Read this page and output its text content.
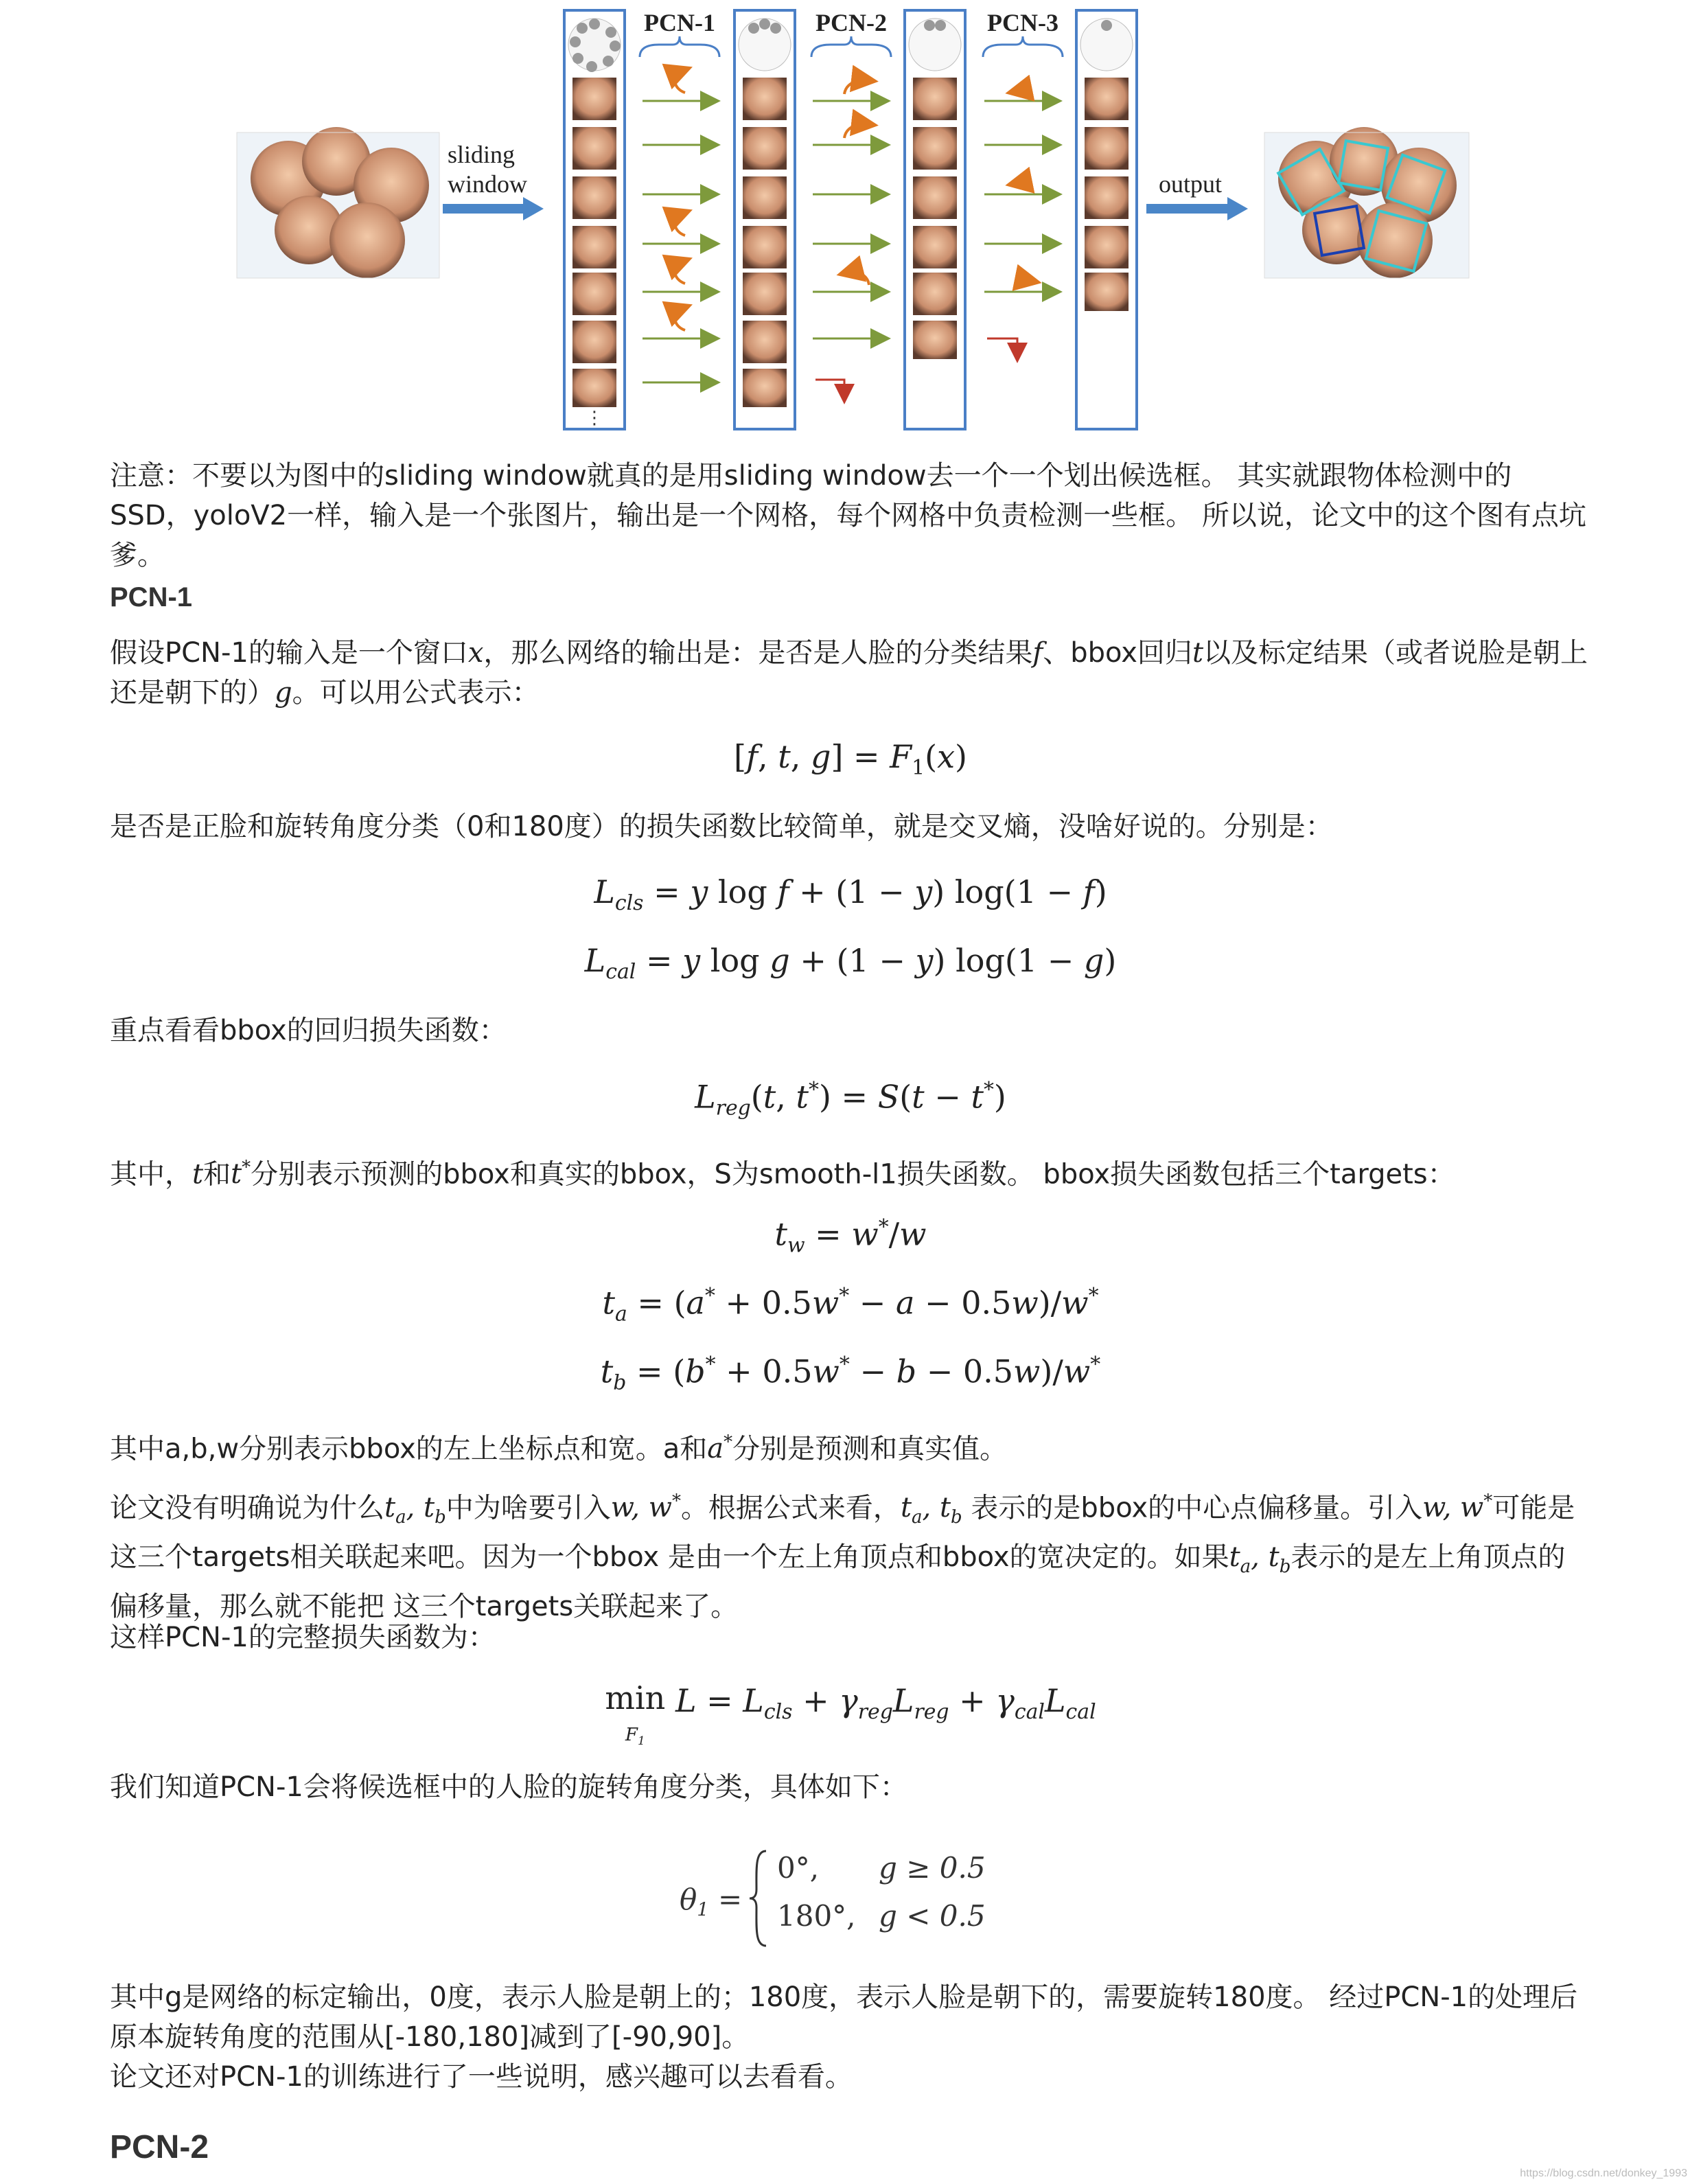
sliding
window
PCN-1	PCN-2	PCN-3
⋮
output

注意：不要以为图中的sliding window就真的是用sliding window去一个一个划出候选框。 其实就跟物体检测中的SSD，yoloV2一样，输入是一个张图片，输出是一个网格，每个网格中负责检测一些框。 所以说，论文中的这个图有点坑爹。

PCN-1

假设PCN-1的输入是一个窗口x，那么网络的输出是：是否是人脸的分类结果f、bbox回归t以及标定结果（或者说脸是朝上还是朝下的）g。可以用公式表示：

[f, t, $g] = F_1(x)$

是否是正脸和旋转角度分类（0和180度）的损失函数比较简单，就是交叉熵，没啥好说的。分别是：

$L_{cls} = y$ log f + (1 − y) log(1 − f)
$L_{cal} = y$ log g + (1 − y) log(1 − g)

重点看看bbox的回归损失函数：

$L_{reg}(t$, t*) = S(t − t*)

其中，t和t*分别表示预测的bbox和真实的bbox，S为smooth-l1损失函数。 bbox损失函数包括三个targets：

$t_w = w^*/w$
$t_a = (a^* + 0.5w^* - a - 0.5w)/w^*$
$t_b = (b^* + 0.5w^* - b - 0.5w)/w^*$

其中a,b,w分别表示bbox的左上坐标点和宽。a和a*分别是预测和真实值。

论文没有明确说为什么$t_a$, $t_b$中为啥要引入w, w*。根据公式来看，$t_a$, $t_b$ 表示的是bbox的中心点偏移量。引入w, w*可能是这三个targets相关联起来吧。因为一个bbox 是由一个左上角顶点和bbox的宽决定的。如果$t_a$, $t_b$表示的是左上角顶点的偏移量，那么就不能把 这三个targets关联起来了。

这样PCN-1的完整损失函数为：

min
$F_1$ $L = L_{cls} + \gamma_{reg}L_{reg} + \gamma_{cal}L_{cal}$

我们知道PCN-1会将候选框中的人脸的旋转角度分类，具体如下：

$\theta_1$ =
0°, g ≥ 0.5
180°, g < 0.5

其中g是网络的标定输出，0度，表示人脸是朝上的；180度，表示人脸是朝下的，需要旋转180度。 经过PCN-1的处理后原本旋转角度的范围从[-180,180]减到了[-90,90]。

论文还对PCN-1的训练进行了一些说明，感兴趣可以去看看。

PCN-2
https://blog.csdn.net/donkey_1993
